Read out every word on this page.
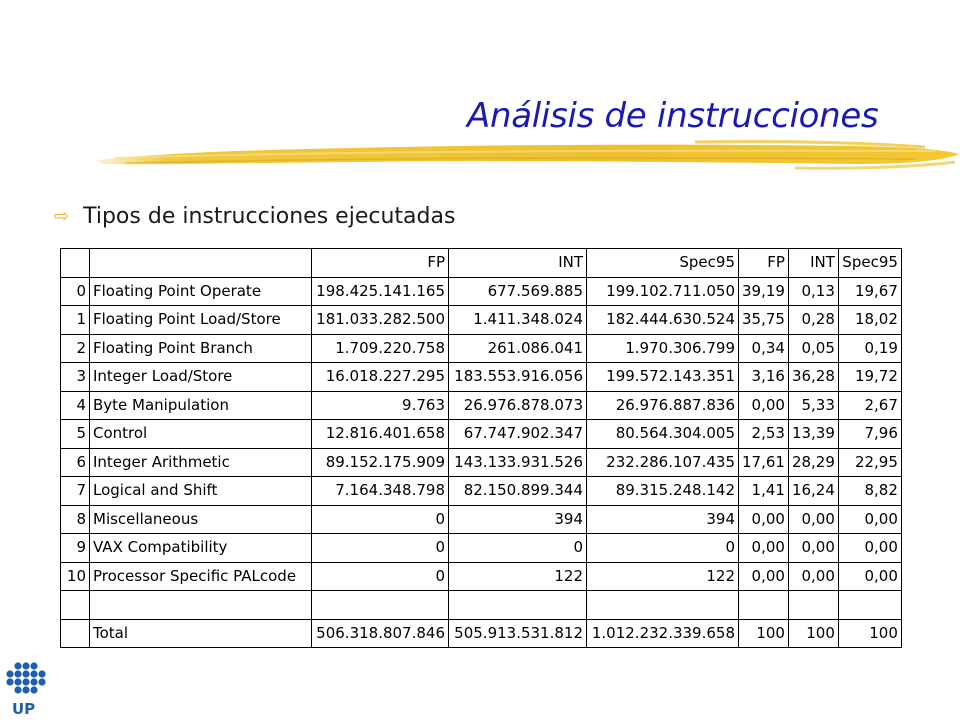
Análisis de instrucciones
⇨ Tipos de instrucciones ejecutadas
		FP	INT	Spec95	FP	INT	Spec95
0	Floating Point Operate	198.425.141.165	677.569.885	199.102.711.050	39,19	0,13	19,67
1	Floating Point Load/Store	181.033.282.500	1.411.348.024	182.444.630.524	35,75	0,28	18,02
2	Floating Point Branch	1.709.220.758	261.086.041	1.970.306.799	0,34	0,05	0,19
3	Integer Load/Store	16.018.227.295	183.553.916.056	199.572.143.351	3,16	36,28	19,72
4	Byte Manipulation	9.763	26.976.878.073	26.976.887.836	0,00	5,33	2,67
5	Control	12.816.401.658	67.747.902.347	80.564.304.005	2,53	13,39	7,96
6	Integer Arithmetic	89.152.175.909	143.133.931.526	232.286.107.435	17,61	28,29	22,95
7	Logical and Shift	7.164.348.798	82.150.899.344	89.315.248.142	1,41	16,24	8,82
8	Miscellaneous	0	394	394	0,00	0,00	0,00
9	VAX Compatibility	0	0	0	0,00	0,00	0,00
10	Processor Specific PALcode	0	122	122	0,00	0,00	0,00

	Total	506.318.807.846	505.913.531.812	1.012.232.339.658	100	100	100
UP
